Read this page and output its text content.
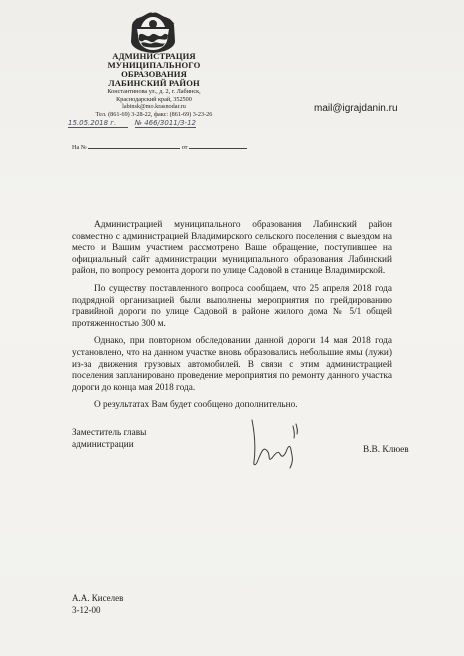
АДМИНИСТРАЦИЯ
МУНИЦИПАЛЬНОГО
ОБРАЗОВАНИЯ
ЛАБИНСКИЙ РАЙОН
Константинова ул., д. 2, г. Лабинск,
Краснодарский край, 352500
labinsk@mo.krasnodar.ru
Тел. (861-69) 3-28-22, факс: (861-69) 3-23-26
15.05.2018 г.	№ 466/3011/3-12
На №	от
mail@igrajdanin.ru

Администрацией муниципального образования Лабинский район совместно с администрацией Владимирского сельского поселения с выездом на место и Вашим участием рассмотрено Ваше обращение, поступившее на официальный сайт администрации муниципального образования Лабинский район, по вопросу ремонта дороги по улице Садовой в станице Владимирской.

По существу поставленного вопроса сообщаем, что 25 апреля 2018 года подрядной организацией были выполнены мероприятия по грейдированию гравийной дороги по улице Садовой в районе жилого дома № 5/1 общей протяженностью 300 м.

Однако, при повторном обследовании данной дороги 14 мая 2018 года установлено, что на данном участке вновь образовались небольшие ямы (лужи) из-за движения грузовых автомобилей. В связи с этим администрацией поселения запланировано проведение мероприятия по ремонту данного участка дороги до конца мая 2018 года.

О результатах Вам будет сообщено дополнительно.

Заместитель главы
администрации	В.В. Клюев
А.А. Киселев
3-12-00
